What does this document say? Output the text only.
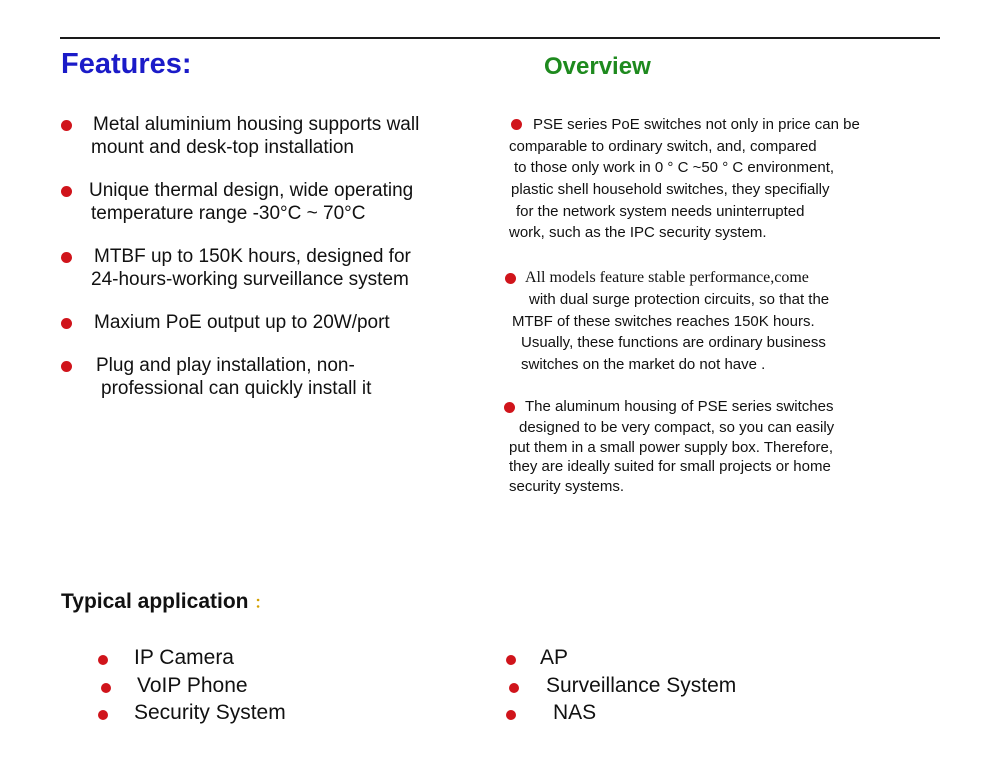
Features:
Metal aluminium housing supports wall
mount and desk-top installation
Unique thermal design, wide operating
temperature range -30°C ~ 70°C
MTBF up to 150K hours, designed for
24-hours-working surveillance system
Maxium PoE output up to 20W/port
Plug and play installation, non-
professional can quickly install it
Overview
PSE series PoE switches not only in price can be
comparable to ordinary switch, and, compared
to those only work in 0 ° C ~50 ° C environment,
plastic shell household switches, they specifially
for the network system needs uninterrupted
work, such as the IPC security system.
All models feature stable performance,come
with dual surge protection circuits, so that the
MTBF of these switches reaches 150K hours.
Usually, these functions are ordinary business
switches on the market do not have .
The aluminum housing of PSE series switches
designed to be very compact, so you can easily
put them in a small power supply box. Therefore,
they are ideally suited for small projects or home
security systems.
Typical application ：
IP Camera
VoIP Phone
Security System
AP
Surveillance System
NAS
